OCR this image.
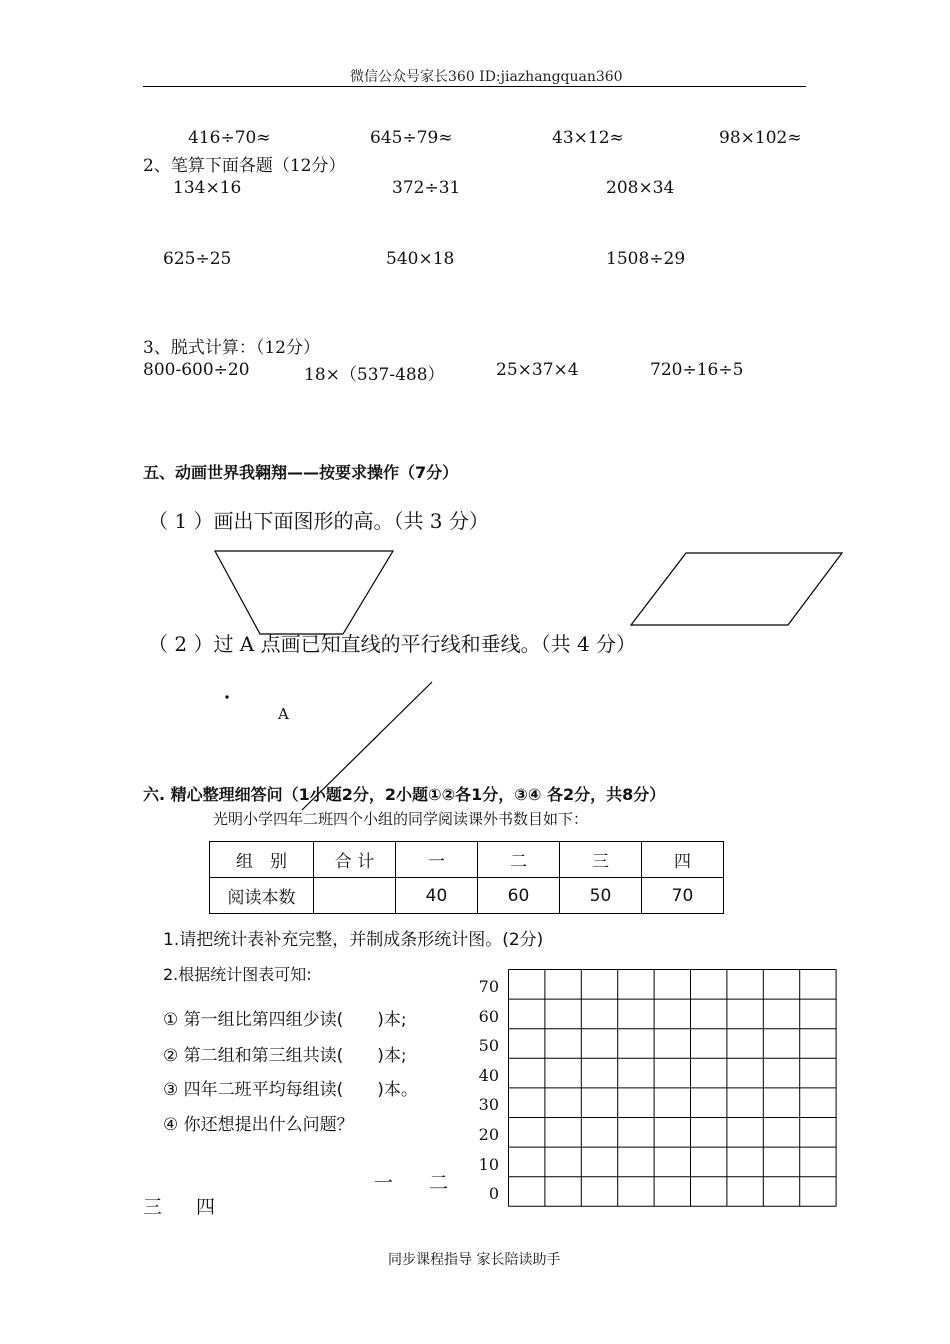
微信公众号家长360 ID:jiazhangquan360
416÷70≈	645÷79≈	43×12≈	98×102≈
2、笔算下面各题（12分）
134×16	372÷31	208×34
625÷25	540×18	1508÷29
3、脱式计算：（12分）
800-600÷20	18×（537-488）	25×37×4	720÷16÷5
五、动画世界我翱翔——按要求操作（7分）
（ 1 ）画出下面图形的高。（共 3 分）
（ 2 ）过 A 点画已知直线的平行线和垂线。（共 4 分）
A
六. 精心整理细答问（1小题2分，2小题①②各1分，③④ 各2分，共8分）
光明小学四年二班四个小组的同学阅读课外书数目如下：
组　别	合 计	一	二	三	四
阅读本数		40	60	50	70
1.请把统计表补充完整，并制成条形统计图。(2分)
2.根据统计图表可知:
① 第一组比第四组少读(　　)本;
② 第二组和第三组共读(　　)本;
③ 四年二班平均每组读(　　)本。
④ 你还想提出什么问题？
70
60
50
40
30
20
10
0
一 二
三 四
同步课程指导 家长陪读助手
